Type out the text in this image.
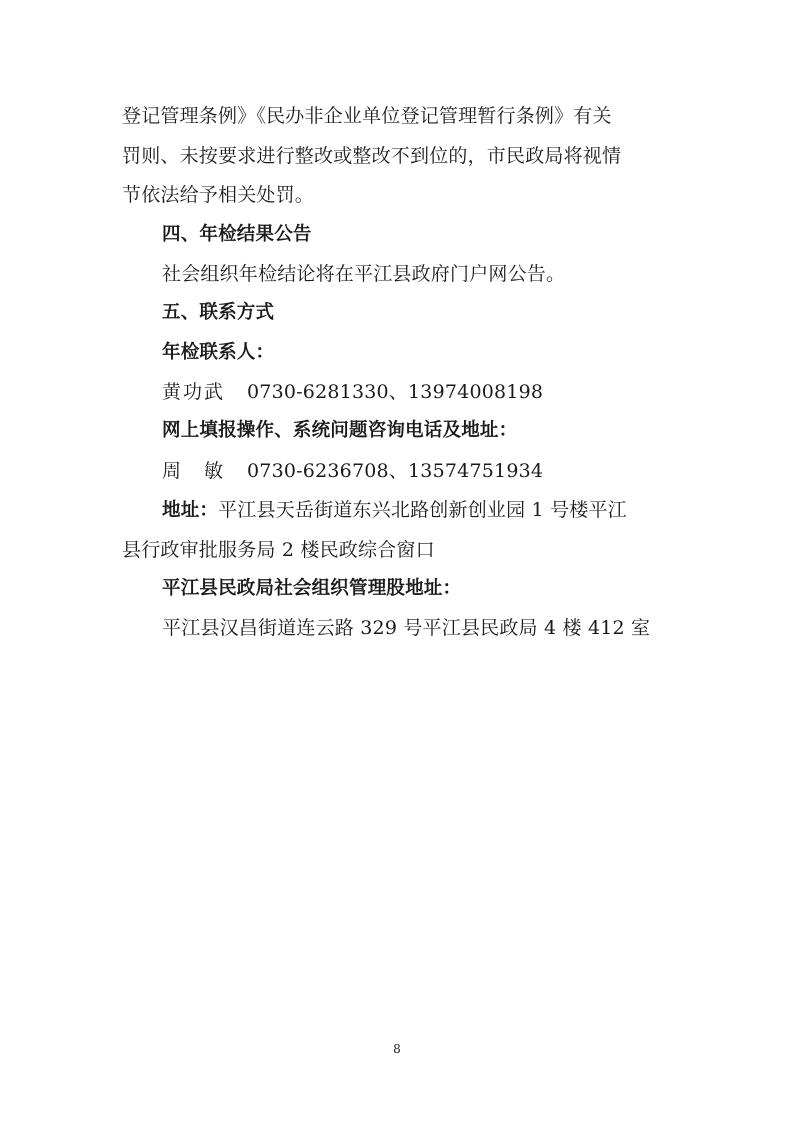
登记管理条例》《民办非企业单位登记管理暂行条例》有关
罚则、未按要求进行整改或整改不到位的，市民政局将视情
节依法给予相关处罚。
四、年检结果公告
社会组织年检结论将在平江县政府门户网公告。
五、联系方式
年检联系人：
黄功武 0730-6281330、13974008198
网上填报操作、系统问题咨询电话及地址：
周　敏 0730-6236708、13574751934
地址：平江县天岳街道东兴北路创新创业园 1 号楼平江
县行政审批服务局 2 楼民政综合窗口
平江县民政局社会组织管理股地址：
平江县汉昌街道连云路 329 号平江县民政局 4 楼 412 室
8
